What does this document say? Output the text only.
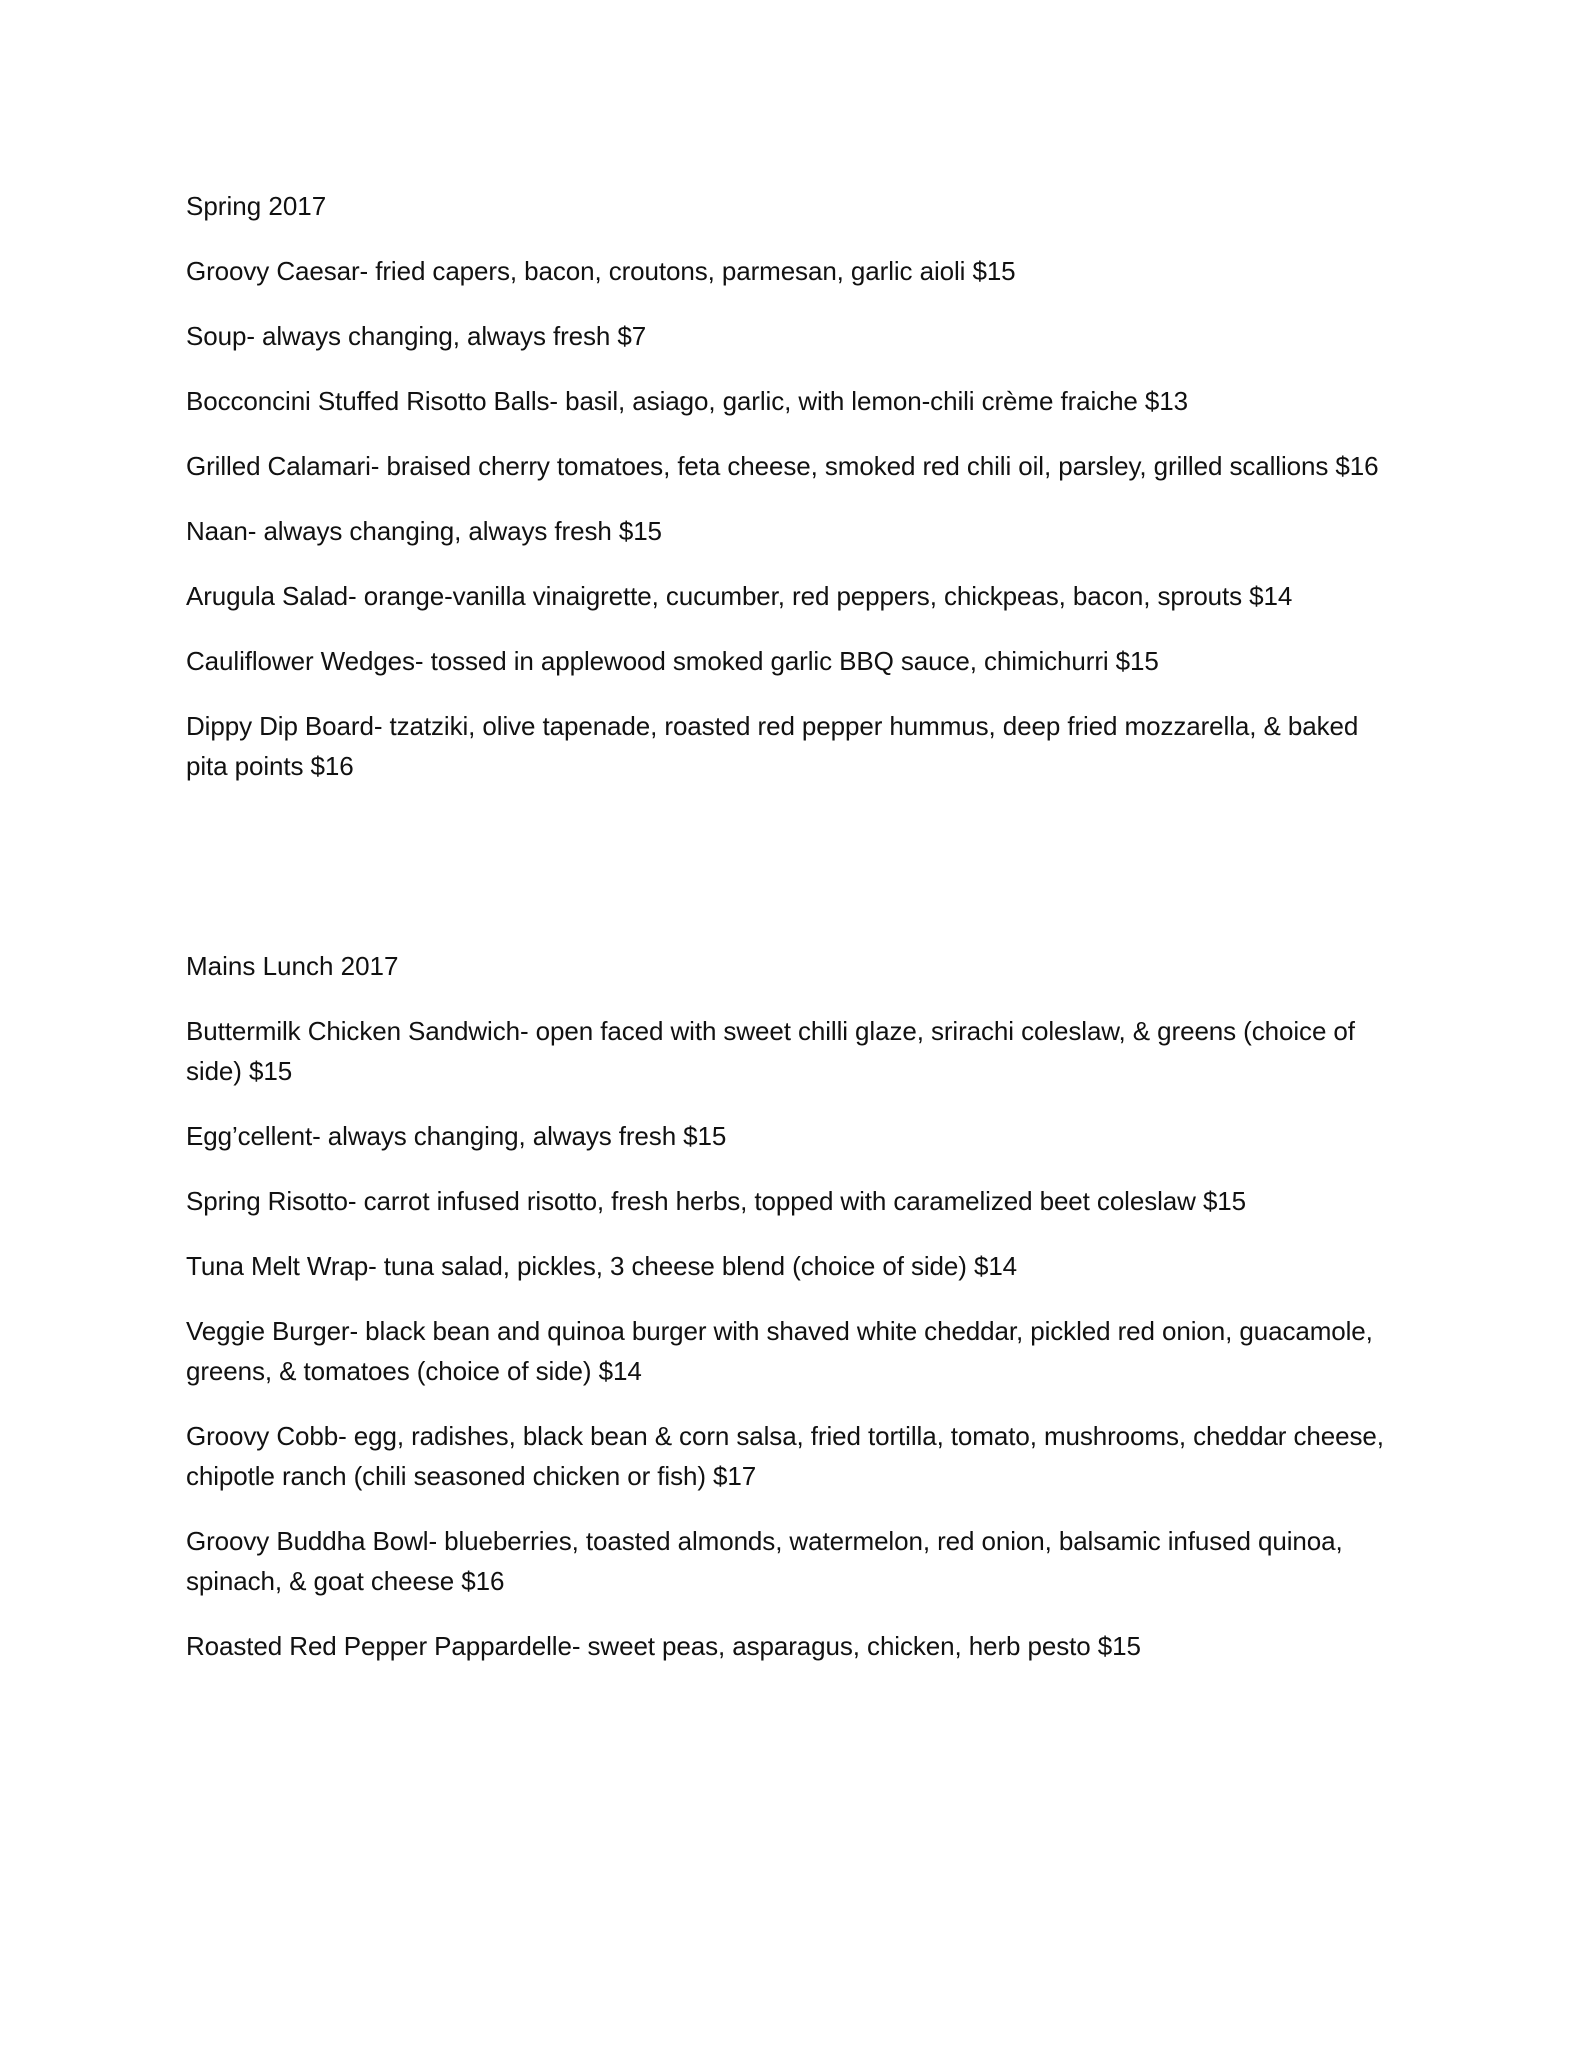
Spring 2017
Groovy Caesar- fried capers, bacon, croutons, parmesan, garlic aioli $15
Soup- always changing, always fresh $7
Bocconcini Stuffed Risotto Balls- basil, asiago, garlic, with lemon-chili crème fraiche $13
Grilled Calamari- braised cherry tomatoes, feta cheese, smoked red chili oil, parsley, grilled scallions $16
Naan- always changing, always fresh $15
Arugula Salad- orange-vanilla vinaigrette, cucumber, red peppers, chickpeas, bacon, sprouts $14
Cauliflower Wedges- tossed in applewood smoked garlic BBQ sauce, chimichurri $15
Dippy Dip Board- tzatziki, olive tapenade, roasted red pepper hummus, deep fried mozzarella, & baked pita points $16
Mains Lunch 2017
Buttermilk Chicken Sandwich- open faced with sweet chilli glaze, srirachi coleslaw, & greens (choice of side) $15
Egg’cellent- always changing, always fresh $15
Spring Risotto- carrot infused risotto, fresh herbs, topped with caramelized beet coleslaw $15
Tuna Melt Wrap- tuna salad, pickles, 3 cheese blend (choice of side) $14
Veggie Burger- black bean and quinoa burger with shaved white cheddar, pickled red onion, guacamole, greens, & tomatoes (choice of side) $14
Groovy Cobb- egg, radishes, black bean & corn salsa, fried tortilla, tomato, mushrooms, cheddar cheese, chipotle ranch (chili seasoned chicken or fish) $17
Groovy Buddha Bowl- blueberries, toasted almonds, watermelon, red onion, balsamic infused quinoa, spinach, & goat cheese $16
Roasted Red Pepper Pappardelle- sweet peas, asparagus, chicken, herb pesto $15
